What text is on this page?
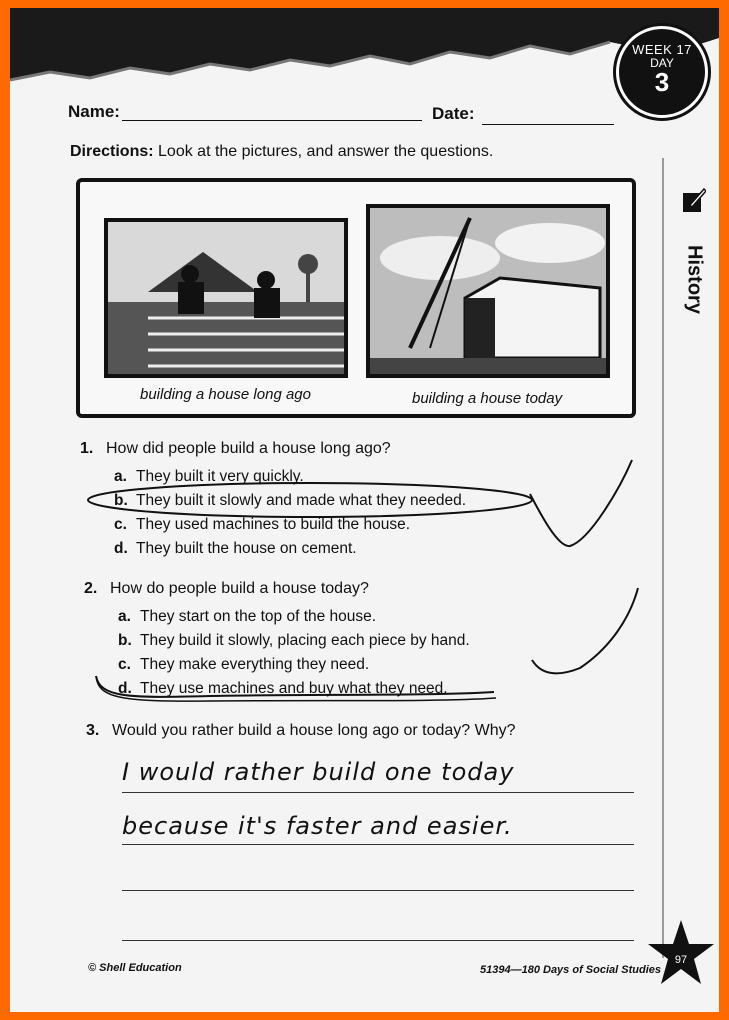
WEEK 17
DAY
3
History
Name:	Date:
Directions: Look at the pictures, and answer the questions.
building a house long ago	building a house today
1. How did people build a house long ago?
a. They built it very quickly.
b. They built it slowly and made what they needed.
c. They used machines to build the house.
d. They built the house on cement.
2. How do people build a house today?
a. They start on the top of the house.
b. They build it slowly, placing each piece by hand.
c. They make everything they need.
d. They use machines and buy what they need.
3. Would you rather build a house long ago or today? Why?
I would rather build one today
because it's faster and easier.
© Shell Education	51394—180 Days of Social Studies
97
